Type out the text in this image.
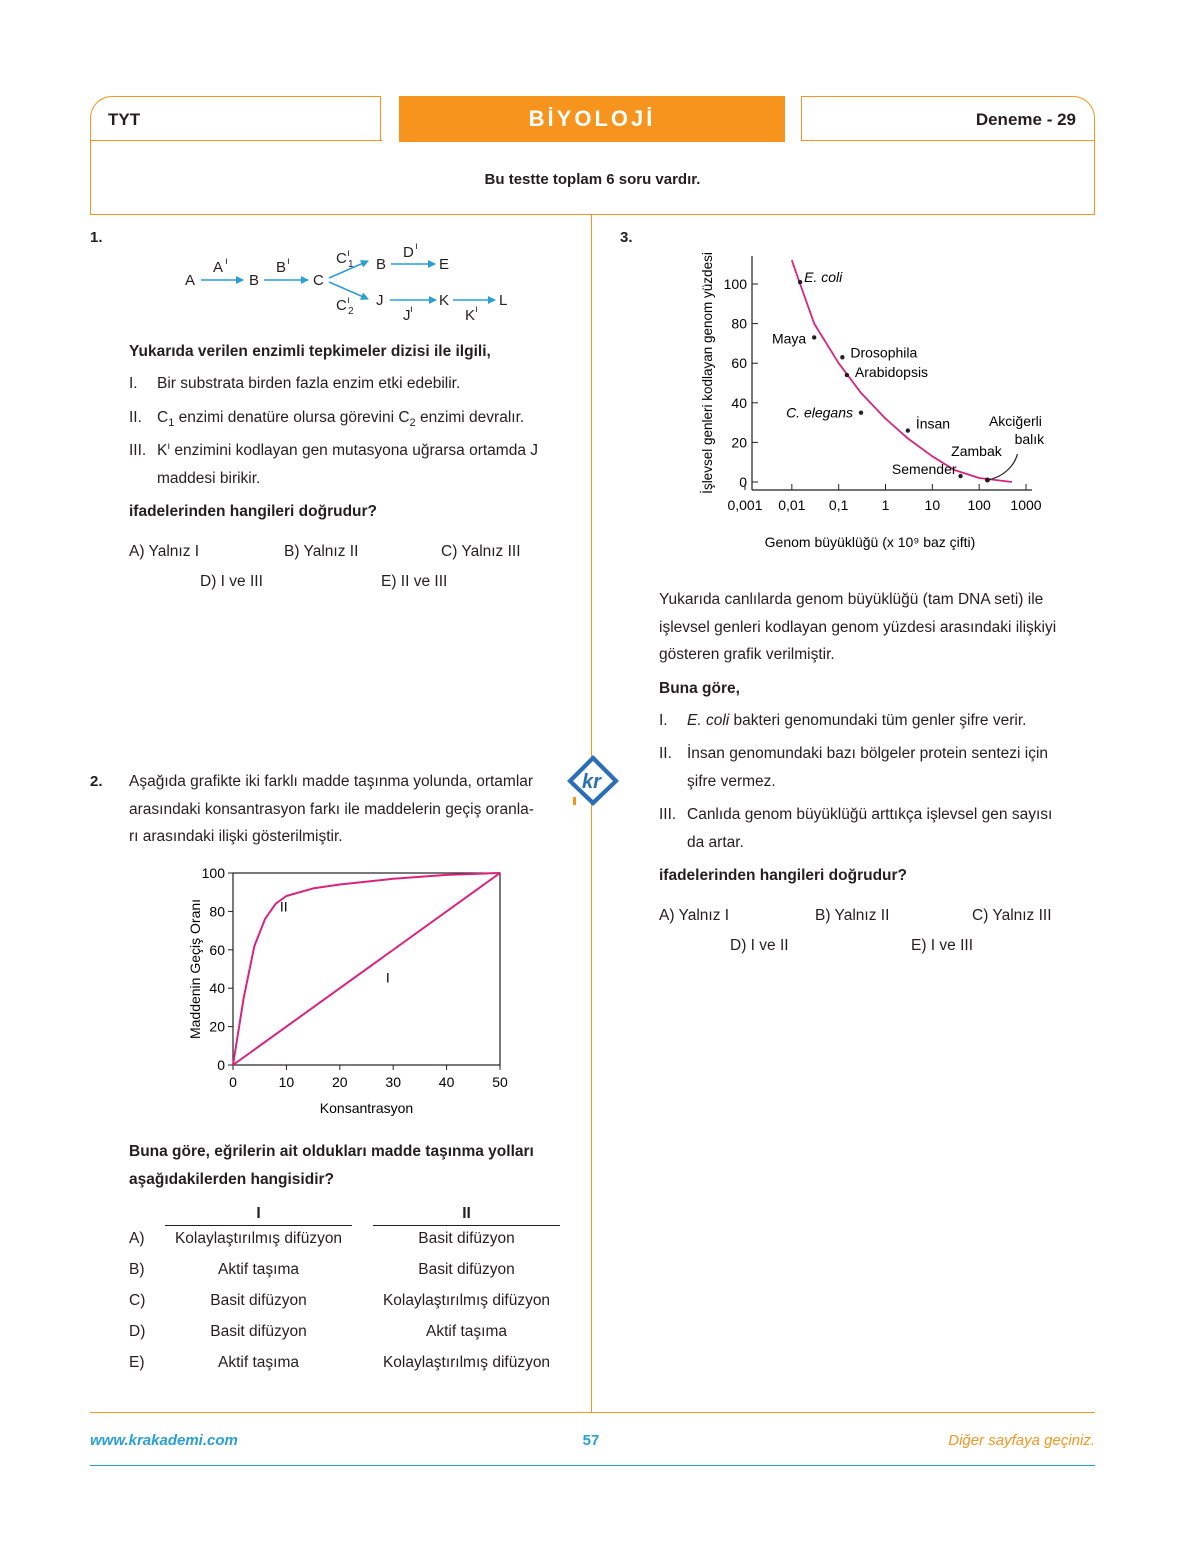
TYT	BİYOLOJİ	Deneme - 29
Bu testte toplam 6 soru vardır.
1.
A
A ı
B
B ı
C
C ı
1
C ı
2
B
D ı
E
J
J ı
K
K ı
L
Yukarıda verilen enzimli tepkimeler dizisi ile ilgili,
I. Bir substrata birden fazla enzim etki edebilir.
II. $C_1$ enzimi denatüre olursa görevini $C_2$ enzimi devralır.
III. $K^ı$ enzimini kodlayan gen mutasyona uğrarsa ortamda J
maddesi birikir.
ifadelerinden hangileri doğrudur?
A) Yalnız I	B) Yalnız II	C) Yalnız III
D) I ve III	E) II ve III
kr
2. Aşağıda grafikte iki farklı madde taşınma yolunda, ortamlar
arasındaki konsantrasyon farkı ile maddelerin geçiş oranla-
rı arasındaki ilişki gösterilmiştir.
0
20
40
60
80
100
0	10	20	30	40	50
Konsantrasyon
Maddenin Geçiş Oranı	I
II
Buna göre, eğrilerin ait oldukları madde taşınma yolları
aşağıdakilerden hangisidir?
I	II
A)	Kolaylaştırılmış difüzyon	Basit difüzyon
B)	Aktif taşıma	Basit difüzyon
C)	Basit difüzyon	Kolaylaştırılmış difüzyon
D)	Basit difüzyon	Aktif taşıma
E)	Aktif taşıma	Kolaylaştırılmış difüzyon
3.
0
20
40
60
80
100
0,001 0,01 0,1 1	10 100 1000
Genom büyüklüğü (x 10⁹ baz çifti)
İşlevsel genleri kodlayan genom yüzdesi	E. coli
Maya
Drosophila
Arabidopsis
C. elegans
İnsan
Semender
Zambak
Akciğerli
balık
Yukarıda canlılarda genom büyüklüğü (tam DNA seti) ile
işlevsel genleri kodlayan genom yüzdesi arasındaki ilişkiyi
gösteren grafik verilmiştir.
Buna göre,
I. E. coli bakteri genomundaki tüm genler şifre verir.
II. İnsan genomundaki bazı bölgeler protein sentezi için
şifre vermez.
III. Canlıda genom büyüklüğü arttıkça işlevsel gen sayısı
da artar.
ifadelerinden hangileri doğrudur?
A) Yalnız I	B) Yalnız II	C) Yalnız III
D) I ve II	E) I ve III
www.krakademi.com	57	Diğer sayfaya geçiniz.
